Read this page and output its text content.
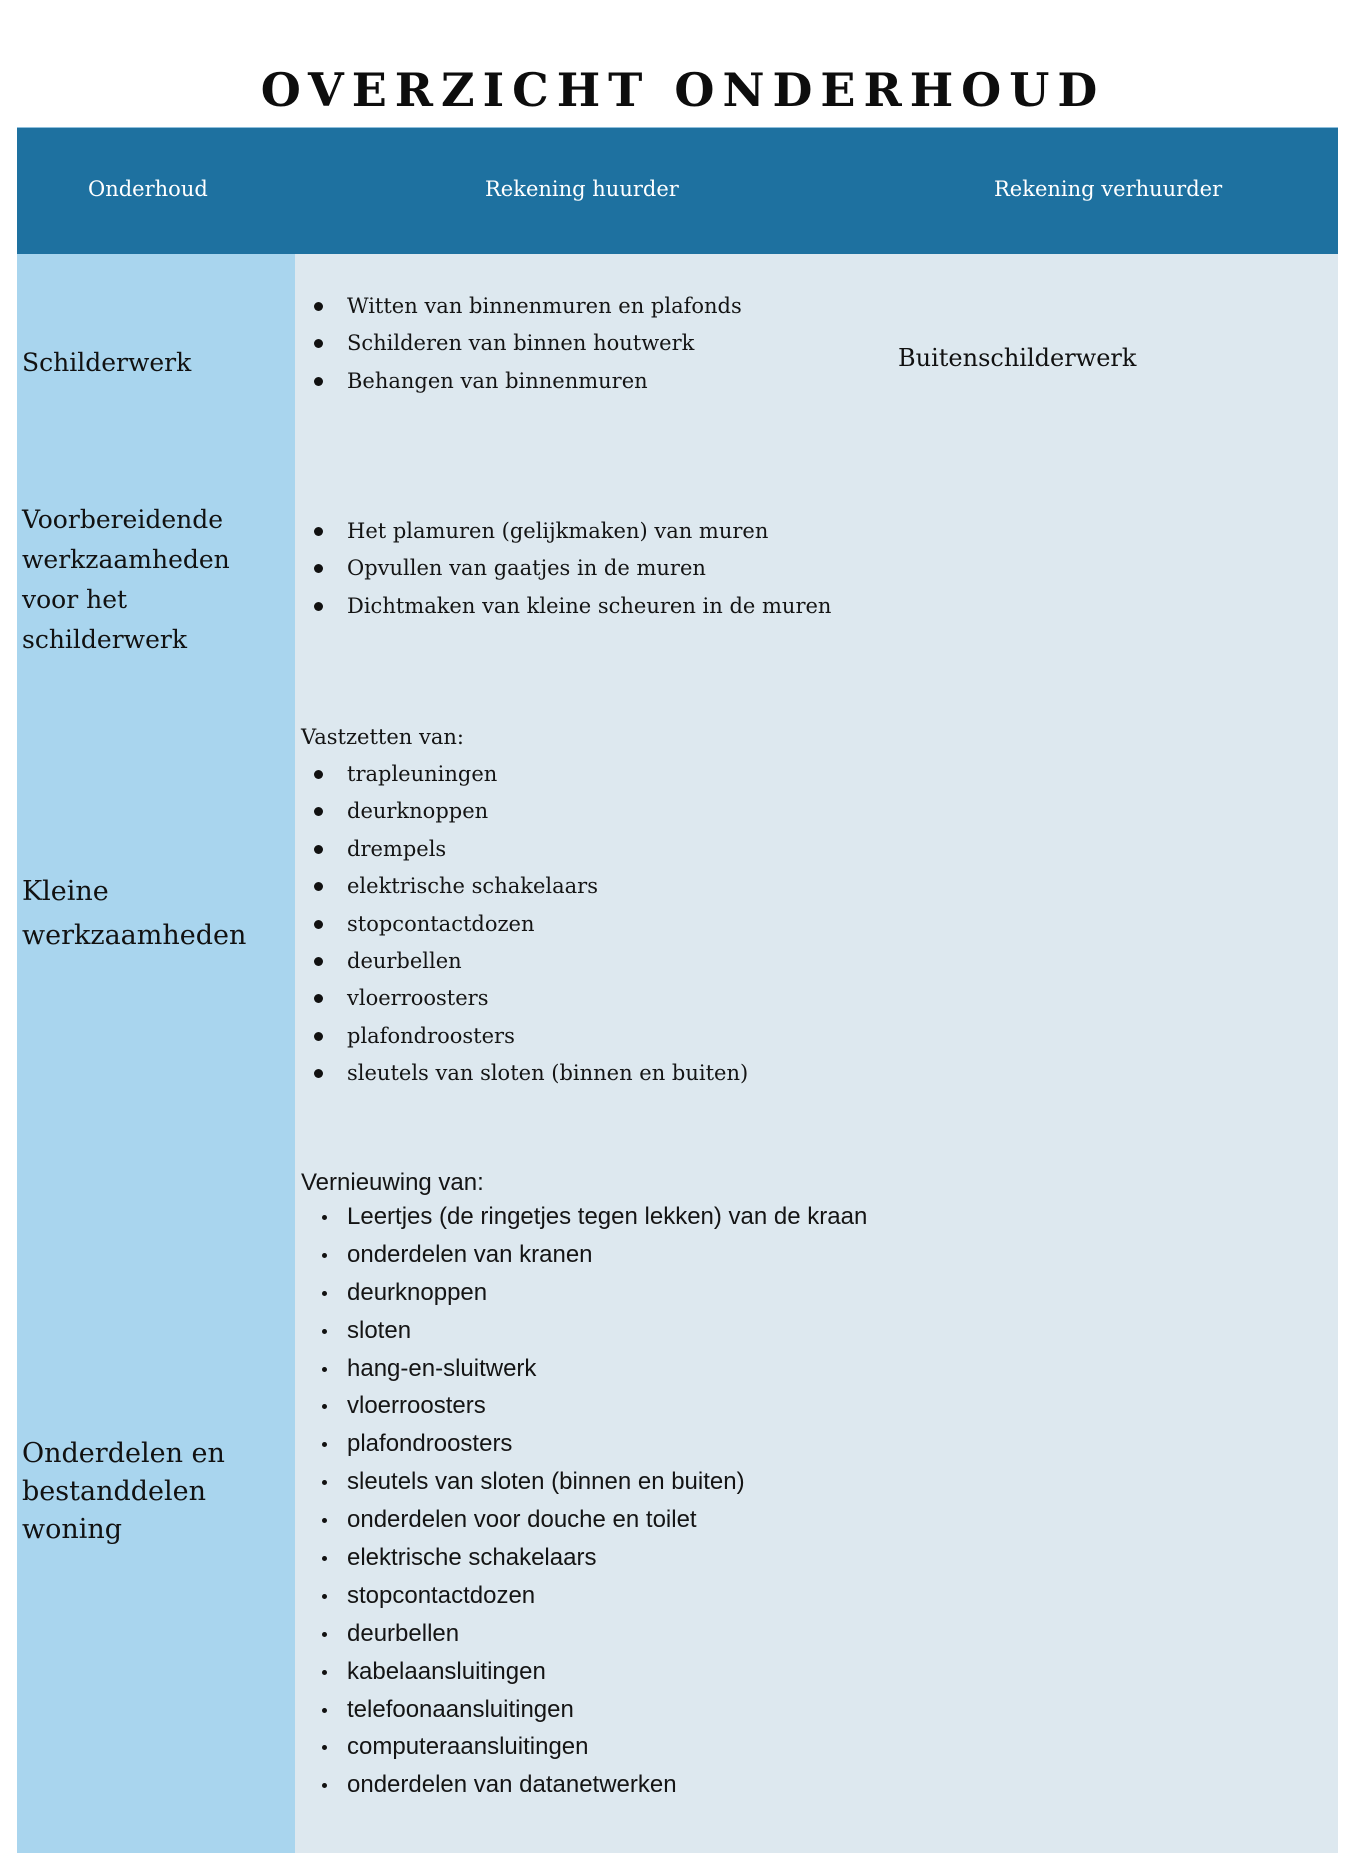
OVERZICHT ONDERHOUD
Onderhoud	Rekening huurder	Rekening verhuurder
Schilderwerk
Witten van binnenmuren en plafonds
Schilderen van binnen houtwerk
Behangen van binnenmuren
Buitenschilderwerk
Voorbereidende
werkzaamheden
voor het
schilderwerk
Het plamuren (gelijkmaken) van muren
Opvullen van gaatjes in de muren
Dichtmaken van kleine scheuren in de muren
Kleine
werkzaamheden
Vastzetten van:
trapleuningen
deurknoppen
drempels
elektrische schakelaars
stopcontactdozen
deurbellen
vloerroosters
plafondroosters
sleutels van sloten (binnen en buiten)
Onderdelen en
bestanddelen
woning
Vernieuwing van:
Leertjes (de ringetjes tegen lekken) van de kraan
onderdelen van kranen
deurknoppen
sloten
hang-en-sluitwerk
vloerroosters
plafondroosters
sleutels van sloten (binnen en buiten)
onderdelen voor douche en toilet
elektrische schakelaars
stopcontactdozen
deurbellen
kabelaansluitingen
telefoonaansluitingen
computeraansluitingen
onderdelen van datanetwerken
